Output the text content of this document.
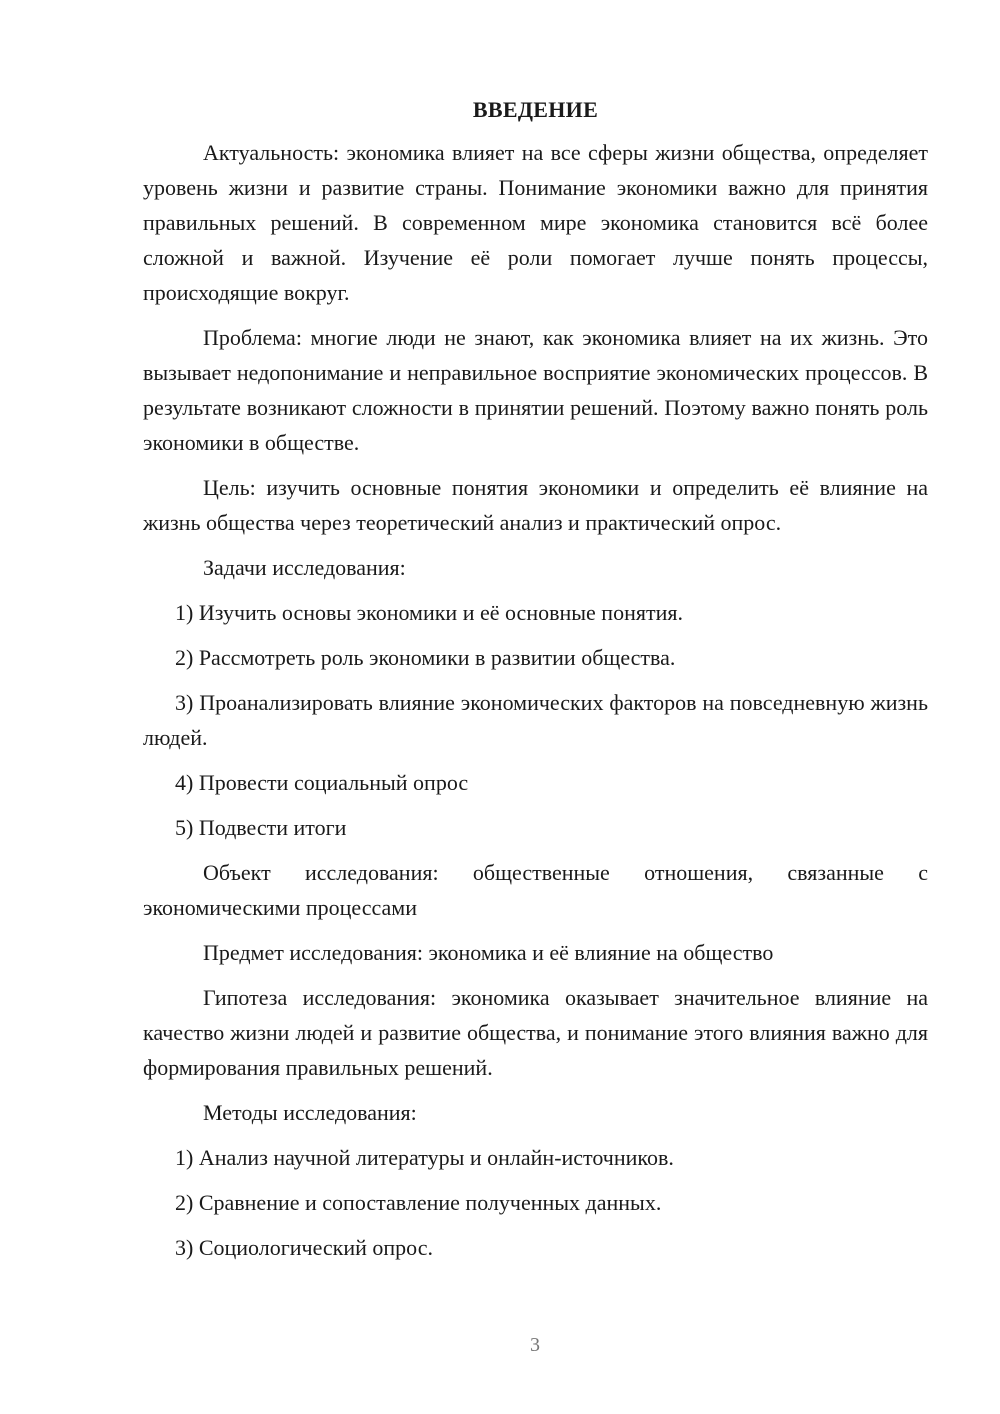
ВВЕДЕНИЕ

Актуальность: экономика влияет на все сферы жизни общества, определяет уровень жизни и развитие страны. Понимание экономики важно для принятия правильных решений. В современном мире экономика становится всё более сложной и важной. Изучение её роли помогает лучше понять процессы, происходящие вокруг.

Проблема: многие люди не знают, как экономика влияет на их жизнь. Это вызывает недопонимание и неправильное восприятие экономических процессов. В результате возникают сложности в принятии решений. Поэтому важно понять роль экономики в обществе.

Цель: изучить основные понятия экономики и определить её влияние на жизнь общества через теоретический анализ и практический опрос.

Задачи исследования:

1) Изучить основы экономики и её основные понятия.

2) Рассмотреть роль экономики в развитии общества.

3) Проанализировать влияние экономических факторов на повседневную жизнь людей.

4) Провести социальный опрос

5) Подвести итоги

Объект исследования: общественные отношения, связанные с экономическими процессами

Предмет исследования: экономика и её влияние на общество

Гипотеза исследования: экономика оказывает значительное влияние на качество жизни людей и развитие общества, и понимание этого влияния важно для формирования правильных решений.

Методы исследования:

1) Анализ научной литературы и онлайн-источников.

2) Сравнение и сопоставление полученных данных.

3) Социологический опрос.

3
